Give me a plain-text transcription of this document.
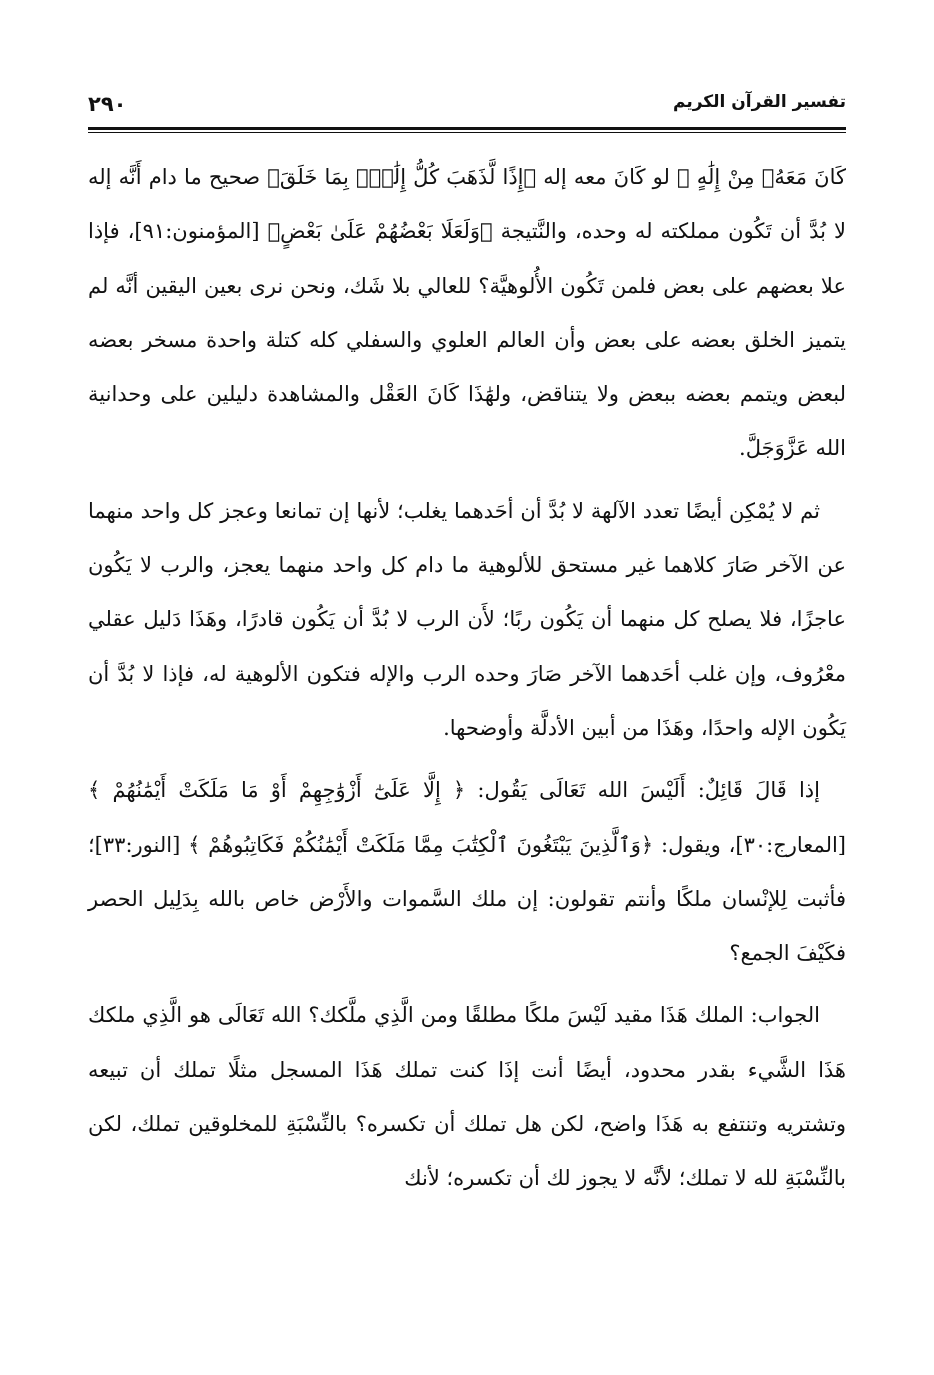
٢٩٠	تفسير القرآن الكريم

كَانَ مَعَهُۥ مِنْ إِلَٰهٍ ﴾ لو كَانَ معه إله ﴿إِذًا لَّذَهَبَ كُلُّ إِلَٰهٍۭ بِمَا خَلَقَ﴾ صحيح ما دام أَنَّه إله لا بُدَّ أن تَكُون مملكته له وحده، والنَّتيجة ﴿وَلَعَلَا بَعْضُهُمْ عَلَىٰ بَعْضٍ﴾ [المؤمنون:٩١]، فإذا علا بعضهم على بعض فلمن تَكُون الأُلوهيَّة؟ للعالي بلا شَك، ونحن نرى بعين اليقين أنَّه لم يتميز الخلق بعضه على بعض وأن العالم العلوي والسفلي كله كتلة واحدة مسخر بعضه لبعض ويتمم بعضه ببعض ولا يتناقض، ولهَٰذَا كَانَ العَقْل والمشاهدة دليلين على وحدانية الله عَزَّوَجَلَّ.

ثم لا يُمْكِن أيضًا تعدد الآلهة لا بُدَّ أن أحَدهما يغلب؛ لأنها إن تمانعا وعجز كل واحد منهما عن الآخر صَارَ كلاهما غير مستحق للألوهية ما دام كل واحد منهما يعجز، والرب لا يَكُون عاجزًا، فلا يصلح كل منهما أن يَكُون ربًا؛ لأَن الرب لا بُدَّ أن يَكُون قادرًا، وهَذَا دَليل عقلي معْرُوف، وإن غلب أحَدهما الآخر صَارَ وحده الرب والإله فتكون الألوهية له، فإذا لا بُدَّ أن يَكُون الإله واحدًا، وهَذَا من أبين الأدلَّة وأوضحها.

إذا قَالَ قَائِلٌ: أَلَيْسَ الله تَعَالَى يَقُول: ﴿ إِلَّا عَلَىٰٓ أَزْوَٰجِهِمْ أَوْ مَا مَلَكَتْ أَيْمَٰنُهُمْ ﴾ [المعارج:٣٠]، ويقول: ﴿وَٱلَّذِينَ يَبْتَغُونَ ٱلْكِتَٰبَ مِمَّا مَلَكَتْ أَيْمَٰنُكُمْ فَكَاتِبُوهُمْ ﴾ [النور:٣٣]؛ فأثبت لِلإنْسان ملكًا وأنتم تقولون: إن ملك السَّموات والأَرْض خاص بالله بِدَلِيل الحصر فكَيْفَ الجمع؟

الجواب: الملك هَذَا مقيد لَيْسَ ملكًا مطلقًا ومن الَّذِي ملَّكك؟ الله تَعَالَى هو الَّذِي ملكك هَذَا الشَّيء بقدر محدود، أيضًا أنت إذَا كنت تملك هَذَا المسجل مثلًا تملك أن تبيعه وتشتريه وتنتفع به هَذَا واضح، لكن هل تملك أن تكسره؟ بالنِّسْبَةِ للمخلوقين تملك، لكن بالنِّسْبَةِ لله لا تملك؛ لأنَّه لا يجوز لك أن تكسره؛ لأنك
